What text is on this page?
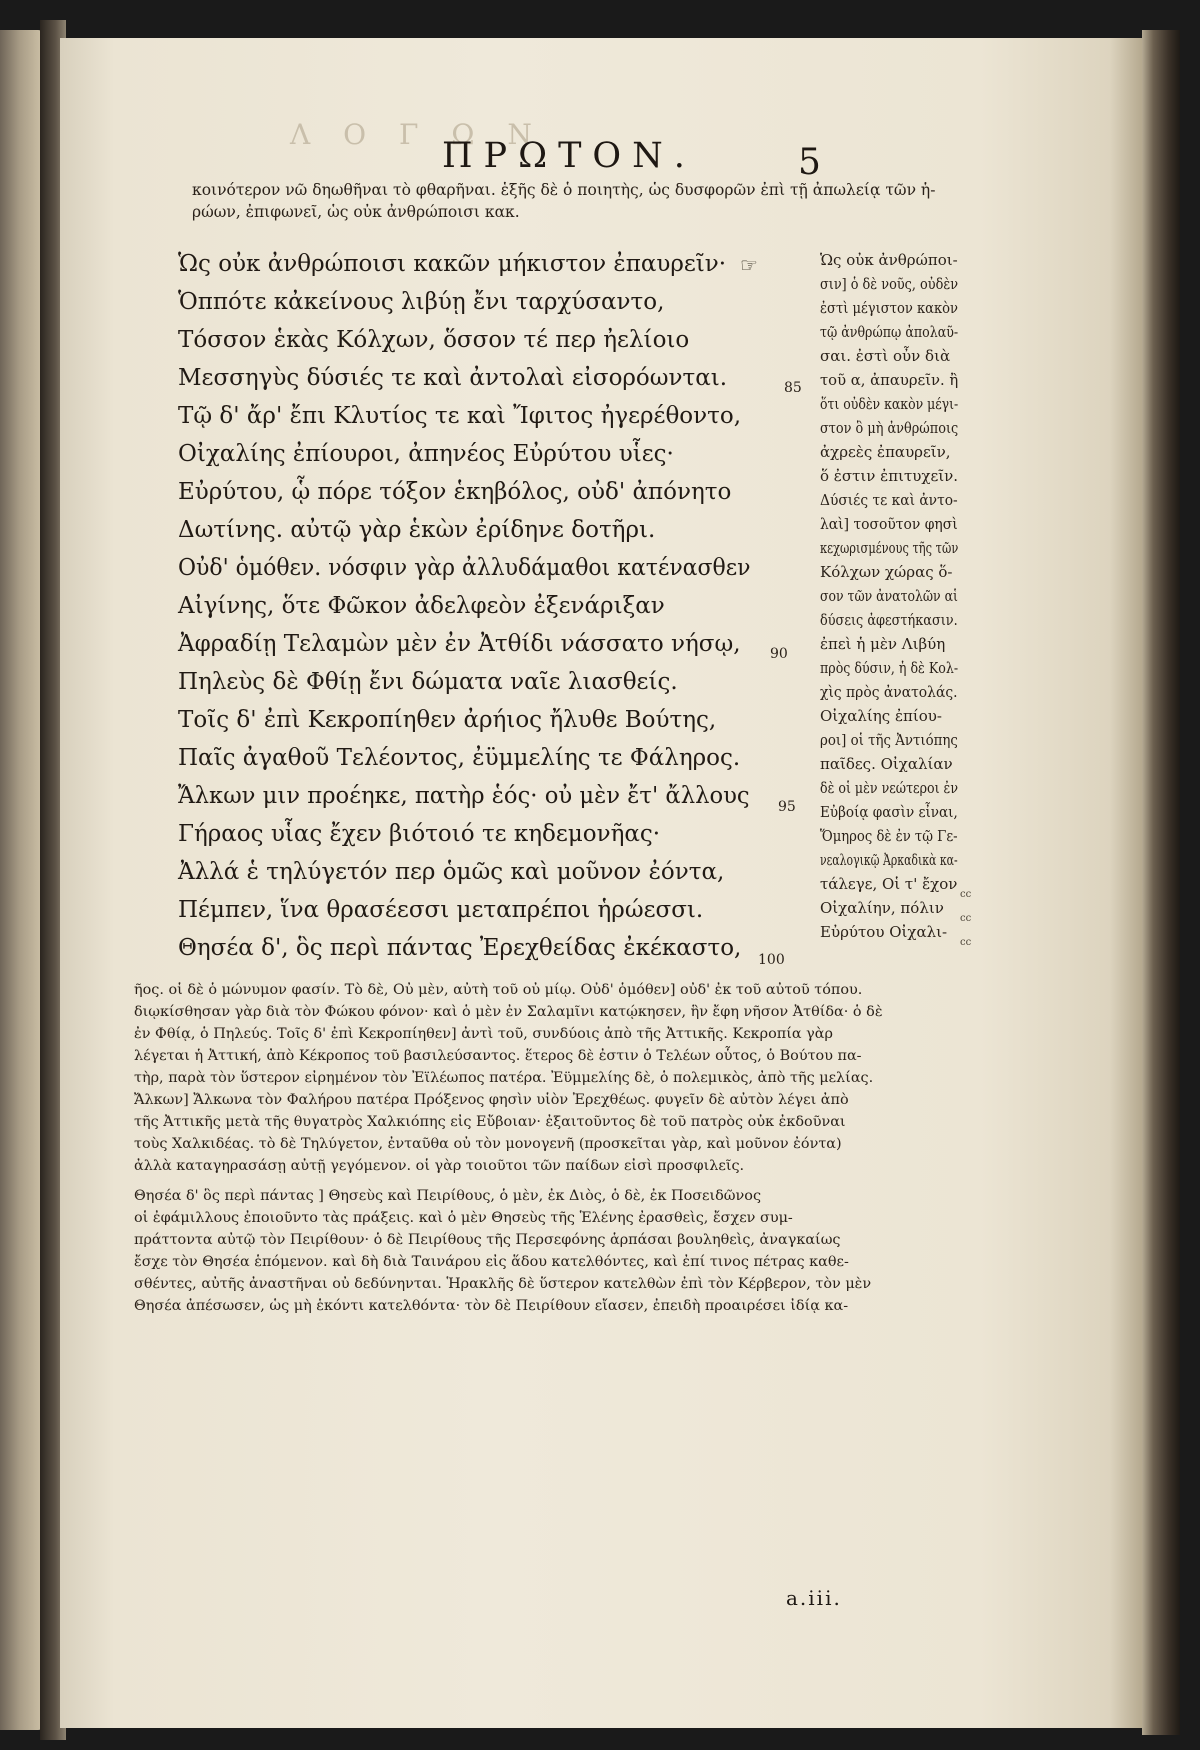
Λ Ο Γ Ω Ν
ΠΡΩΤΟΝ.	5
κοινότερον νῶ δηωθῆναι τὸ φθαρῆναι. ἑξῆς δὲ ὁ ποιητὴς, ὡς δυσφορῶν ἐπὶ τῇ ἀπωλείᾳ τῶν ἡ-
ρώων, ἐπιφωνεῖ, ὡς οὐκ ἀνθρώποισι κακ.
☞
Ὡς οὐκ ἀνθρώποισι κακῶν μήκιστον ἐπαυρεῖν·
Ὁππότε κἀκείνους λιβύῃ ἔνι ταρχύσαντο,
Τόσσον ἑκὰς Κόλχων, ὅσσον τέ περ ἠελίοιο
Μεσσηγὺς δύσιές τε καὶ ἀντολαὶ εἰσορόωνται.
Τῷ δ' ἄρ' ἔπι Κλυτίος τε καὶ Ἴφιτος ἠγερέθοντο,
Οἰχαλίης ἐπίουροι, ἀπηνέος Εὐρύτου υἷες·
Εὐρύτου, ᾧ πόρε τόξον ἑκηβόλος, οὐδ' ἀπόνητο
Δωτίνης. αὐτῷ γὰρ ἑκὼν ἐρίδηνε δοτῆρι.
Οὐδ' ὁμόθεν. νόσφιν γὰρ ἀλλυδάμαθοι κατένασθεν
Αἰγίνης, ὅτε Φῶκον ἀδελφεὸν ἐξενάριξαν
Ἀφραδίῃ Τελαμὼν μὲν ἐν Ἀτθίδι νάσσατο νήσῳ,
Πηλεὺς δὲ Φθίῃ ἔνι δώματα ναῖε λιασθείς.
Τοῖς δ' ἐπὶ Κεκροπίηθεν ἀρήιος ἤλυθε Βούτης,
Παῖς ἀγαθοῦ Τελέοντος, ἐϋμμελίης τε Φάληρος.
Ἄλκων μιν προέηκε, πατὴρ ἑός· οὐ μὲν ἔτ' ἄλλους
Γήραος υἷας ἔχεν βιότοιό τε κηδεμονῆας·
Ἀλλά ἑ τηλύγετόν περ ὁμῶς καὶ μοῦνον ἐόντα,
Πέμπεν, ἵνα θρασέεσσι μεταπρέποι ἡρώεσσι.
Θησέα δ', ὃς περὶ πάντας Ἐρεχθείδας ἐκέκαστο,
85
90
95
100
Ὡς οὐκ ἀνθρώποι-
σιν] ὁ δὲ νοῦς, οὐδὲν
ἐστὶ μέγιστον κακὸν
τῷ ἀνθρώπῳ ἀπολαῦ-
σαι. ἐστὶ οὖν διὰ
τοῦ α, ἀπαυρεῖν. ἢ
ὅτι οὐδὲν κακὸν μέγι-
στον ὃ μὴ ἀνθρώποις
ἀχρεὲς ἐπαυρεῖν,
ὅ ἐστιν ἐπιτυχεῖν.
Δύσιές τε καὶ ἀντο-
λαὶ] τοσοῦτον φησὶ
κεχωρισμένους τῆς τῶν
Κόλχων χώρας ὅ-
σον τῶν ἀνατολῶν αἱ
δύσεις ἀφεστήκασιν.
ἐπεὶ ἡ μὲν Λιβύη
πρὸς δύσιν, ἡ δὲ Κολ-
χὶς πρὸς ἀνατολάς.
Οἰχαλίης ἐπίου-
ροι] οἱ τῆς Ἀντιόπης
παῖδες. Οἰχαλίαν
δὲ οἱ μὲν νεώτεροι ἐν
Εὐβοίᾳ φασὶν εἶναι,
Ὅμηρος δὲ ἐν τῷ Γε-
νεαλογικῷ Ἀρκαδικὰ κα-
τάλεγε, Οἱ τ' ἔχον
Οἰχαλίην, πόλιν
Εὐρύτου Οἰχαλι-
cc
cc
cc
ῆος. οἱ δὲ ὁ μώνυμον φασίν. Τὸ δὲ, Οὐ μὲν, αὐτὴ τοῦ οὐ μίῳ. Οὐδ' ὁμόθεν] οὐδ' ἐκ τοῦ αὐτοῦ τόπου.
διῳκίσθησαν γὰρ διὰ τὸν Φώκου φόνον· καὶ ὁ μὲν ἐν Σαλαμῖνι κατῴκησεν, ἣν ἔφη νῆσον Ἀτθίδα· ὁ δὲ
ἐν Φθίᾳ, ὁ Πηλεύς. Τοῖς δ' ἐπὶ Κεκροπίηθεν] ἀντὶ τοῦ, συνδύοις ἀπὸ τῆς Ἀττικῆς. Κεκροπία γὰρ
λέγεται ἡ Ἀττική, ἀπὸ Κέκροπος τοῦ βασιλεύσαντος. ἕτερος δὲ ἐστιν ὁ Τελέων οὗτος, ὁ Βούτου πα-
τὴρ, παρὰ τὸν ὕστερον εἰρημένον τὸν Ἐϊλέωπος πατέρα. Ἐϋμμελίης δὲ, ὁ πολεμικὸς, ἀπὸ τῆς μελίας.
Ἄλκων] Ἄλκωνα τὸν Φαλήρου πατέρα Πρόξενος φησὶν υἱὸν Ἐρεχθέως. φυγεῖν δὲ αὐτὸν λέγει ἀπὸ
τῆς Ἀττικῆς μετὰ τῆς θυγατρὸς Χαλκιόπης εἰς Εὔβοιαν· ἐξαιτοῦντος δὲ τοῦ πατρὸς οὐκ ἐκδοῦναι
τοὺς Χαλκιδέας. τὸ δὲ Τηλύγετον, ἐνταῦθα οὐ τὸν μονογενῆ (προσκεῖται γὰρ, καὶ μοῦνον ἐόντα)
ἀλλὰ καταγηρασάσῃ αὐτῇ γεγόμενον. οἱ γὰρ τοιοῦτοι τῶν παίδων εἰσὶ προσφιλεῖς.
Θησέα δ' ὃς περὶ πάντας ] Θησεὺς καὶ Πειρίθους, ὁ μὲν, ἐκ Διὸς, ὁ δὲ, ἐκ Ποσειδῶνος
οἱ ἐφάμιλλους ἐποιοῦντο τὰς πράξεις. καὶ ὁ μὲν Θησεὺς τῆς Ἑλένης ἐρασθεὶς, ἔσχεν συμ-
πράττοντα αὐτῷ τὸν Πειρίθουν· ὁ δὲ Πειρίθους τῆς Περσεφόνης ἁρπάσαι βουληθεὶς, ἀναγκαίως
ἔσχε τὸν Θησέα ἑπόμενον. καὶ δὴ διὰ Ταινάρου εἰς ἅδου κατελθόντες, καὶ ἐπί τινος πέτρας καθε-
σθέντες, αὐτῆς ἀναστῆναι οὐ δεδύνηνται. Ἡρακλῆς δὲ ὕστερον κατελθὼν ἐπὶ τὸν Κέρβερον, τὸν μὲν
Θησέα ἀπέσωσεν, ὡς μὴ ἑκόντι κατελθόντα· τὸν δὲ Πειρίθουν εἴασεν, ἐπειδὴ προαιρέσει ἰδίᾳ κα-
a.iii.
